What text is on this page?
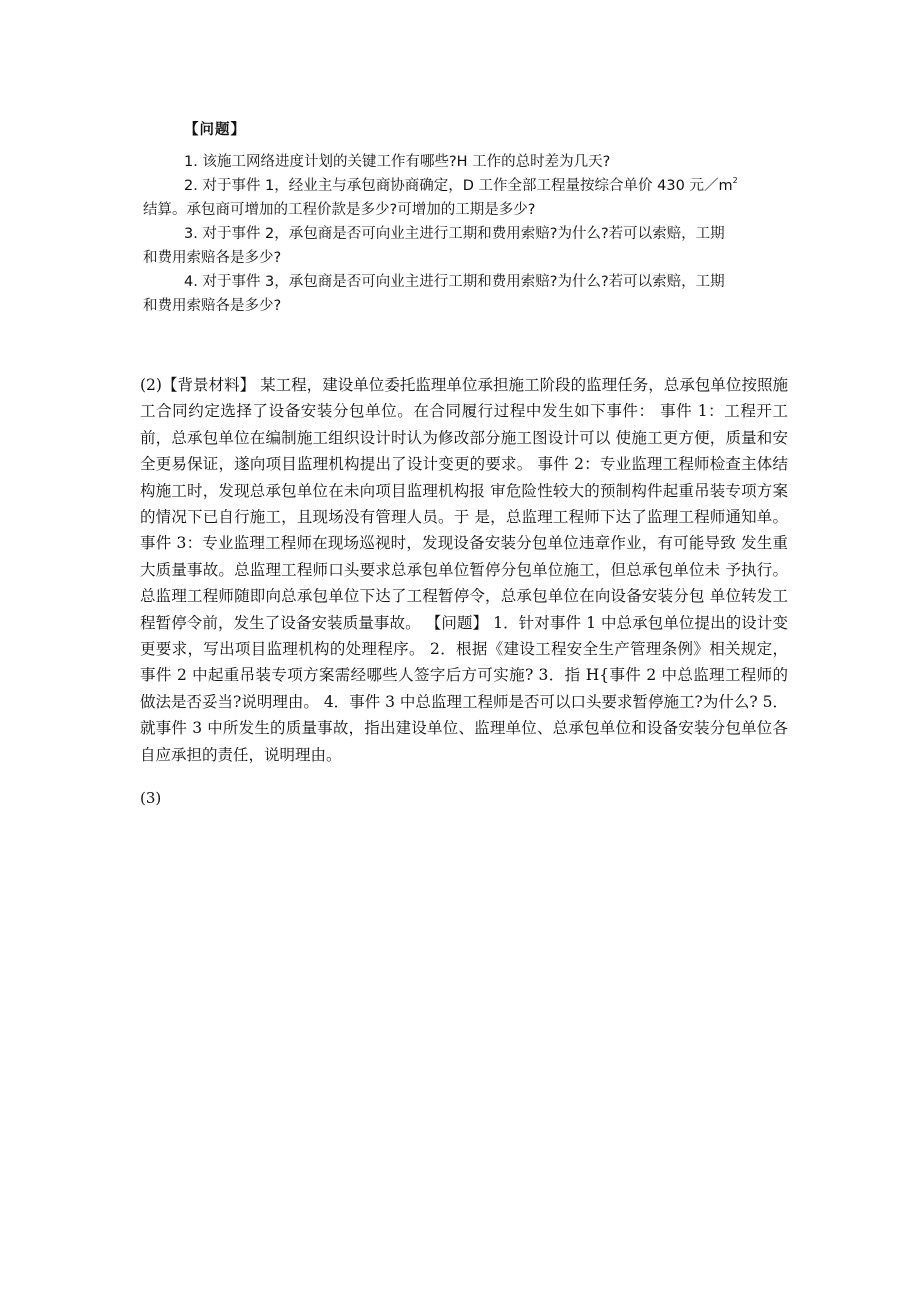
【问题】
1. 该施工网络进度计划的关键工作有哪些?H 工作的总时差为几天?
2. 对于事件 1，经业主与承包商协商确定，D 工作全部工程量按综合单价 430 元$/m^2$
结算。承包商可增加的工程价款是多少?可增加的工期是多少?
3. 对于事件 2，承包商是否可向业主进行工期和费用索赔?为什么?若可以索赔，工期
和费用索赔各是多少?
4. 对于事件 3，承包商是否可向业主进行工期和费用索赔?为什么?若可以索赔，工期
和费用索赔各是多少?

(2)【背景材料】 某工程，建设单位委托监理单位承担施工阶段的监理任务，总承包单位按照施工合同约定选择了设备安装分包单位。在合同履行过程中发生如下事件： 事件 1：工程开工前，总承包单位在编制施工组织设计时认为修改部分施工图设计可以 使施工更方便，质量和安全更易保证，遂向项目监理机构提出了设计变更的要求。 事件 2：专业监理工程师检查主体结构施工时，发现总承包单位在未向项目监理机构报 审危险性较大的预制构件起重吊装专项方案的情况下已自行施工，且现场没有管理人员。于 是，总监理工程师下达了监理工程师通知单。 事件 3：专业监理工程师在现场巡视时，发现设备安装分包单位违章作业，有可能导致 发生重大质量事故。总监理工程师口头要求总承包单位暂停分包单位施工，但总承包单位未 予执行。总监理工程师随即向总承包单位下达了工程暂停令，总承包单位在向设备安装分包 单位转发工程暂停令前，发生了设备安装质量事故。 【问题】 1．针对事件 1 中总承包单位提出的设计变更要求，写出项目监理机构的处理程序。 2．根据《建设工程安全生产管理条例》相关规定，事件 2 中起重吊装专项方案需经哪些人签字后方可实施? 3．指 H{事件 2 中总监理工程师的做法是否妥当?说明理由。 4．事件 3 中总监理工程师是否可以口头要求暂停施工?为什么? 5．就事件 3 中所发生的质量事故，指出建设单位、监理单位、总承包单位和设备安装分包单位各自应承担的责任，说明理由。

(3)
